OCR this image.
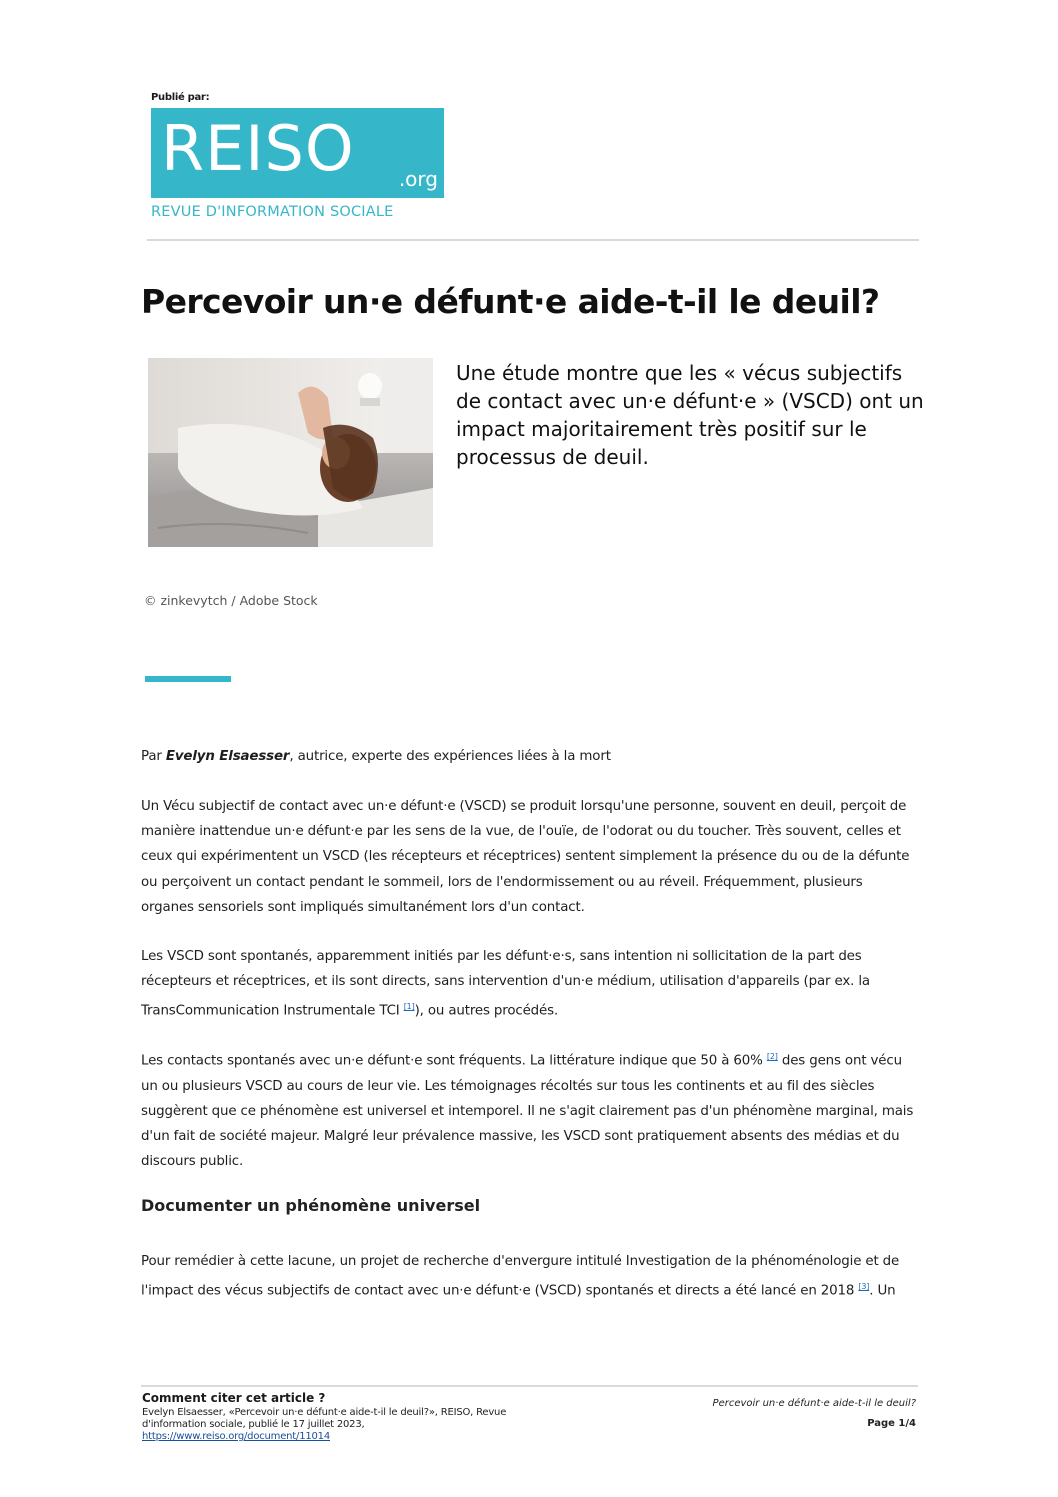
Publié par:
REISO .org
REVUE D'INFORMATION SOCIALE
Percevoir un·e défunt·e aide-t-il le deuil?

Une étude montre que les « vécus subjectifs de contact avec un·e défunt·e » (VSCD) ont un impact majoritairement très positif sur le processus de deuil.

© zinkevytch / Adobe Stock

Par Evelyn Elsaesser, autrice, experte des expériences liées à la mort

Un Vécu subjectif de contact avec un·e défunt·e (VSCD) se produit lorsqu'une personne, souvent en deuil, perçoit de manière inattendue un·e défunt·e par les sens de la vue, de l'ouïe, de l'odorat ou du toucher. Très souvent, celles et ceux qui expérimentent un VSCD (les récepteurs et réceptrices) sentent simplement la présence du ou de la défunte ou perçoivent un contact pendant le sommeil, lors de l'endormissement ou au réveil. Fréquemment, plusieurs organes sensoriels sont impliqués simultanément lors d'un contact.

Les VSCD sont spontanés, apparemment initiés par les défunt·e·s, sans intention ni sollicitation de la part des récepteurs et réceptrices, et ils sont directs, sans intervention d'un·e médium, utilisation d'appareils (par ex. la TransCommunication Instrumentale TCI [1]), ou autres procédés.

Les contacts spontanés avec un·e défunt·e sont fréquents. La littérature indique que 50 à 60% [2] des gens ont vécu un ou plusieurs VSCD au cours de leur vie. Les témoignages récoltés sur tous les continents et au fil des siècles suggèrent que ce phénomène est universel et intemporel. Il ne s'agit clairement pas d'un phénomène marginal, mais d'un fait de société majeur. Malgré leur prévalence massive, les VSCD sont pratiquement absents des médias et du discours public.

Documenter un phénomène universel

Pour remédier à cette lacune, un projet de recherche d'envergure intitulé Investigation de la phénoménologie et de l'impact des vécus subjectifs de contact avec un·e défunt·e (VSCD) spontanés et directs a été lancé en 2018 [3]. Un

Comment citer cet article ?
Evelyn Elsaesser, «Percevoir un·e défunt·e aide-t-il le deuil?», REISO, Revue
d'information sociale, publié le 17 juillet 2023,
https://www.reiso.org/document/11014
Percevoir un·e défunt·e aide-t-il le deuil?
Page 1/4
